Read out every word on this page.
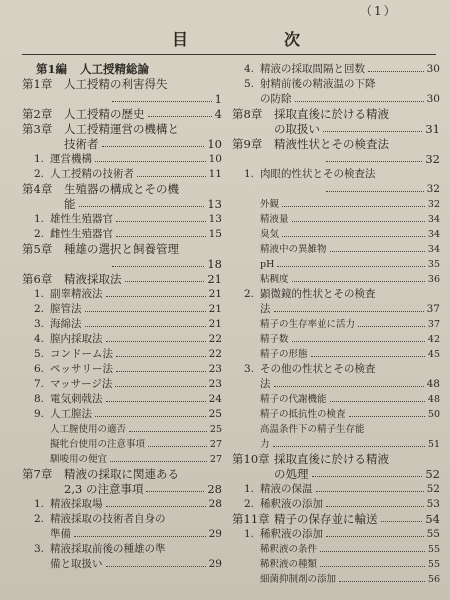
（1）
目　次
第1編 人工授精総論
第1章 人工授精の利害得失
1
第2章 人工授精の歴史	4
第3章 人工授精運営の機構と
技術者	10
1. 運営機構	10
2. 人工授精の技術者	11
第4章 生殖器の構成とその機
能	13
1. 雄性生殖器官	13
2. 雌性生殖器官	15
第5章 種雄の選択と飼養管理
18
第6章 精液採取法	21
1. 副睾精液法	21
2. 膣管法	21
3. 海綿法	21
4. 膣内採取法	22
5. コンドーム法	22
6. ペッサリー法	23
7. マッサージ法	23
8. 電気刺戟法	24
9. 人工膣法	25
人工膣使用の適否	25
擬牝台使用の注意事項	27
馴唆用の便宜	27
第7章 精液の採取に関連ある
2,3 の注意事項	28
1. 精液採取場	28
2. 精液採取の技術者自身の
準備	29
3. 精液採取前後の種雄の準
備と取扱い	29
4. 精液の採取間隔と回数	30
5. 射精前後の精液温の下降
の防除	30
第8章 採取直後に於ける精液
の取扱い	31
第9章 精液性状とその検査法
32
1. 肉眼的性状とその検査法
32
外観	32
精液量	34
臭気	34
精液中の異雑物	34
pH	35
粘稠度	36
2. 顕微鏡的性状とその検査
法	37
精子の生存率並に活力	37
精子数	42
精子の形態	45
3. その他の性状とその検査
法	48
精子の代謝機能	48
精子の抵抗性の検査	50
高温条件下の精子生存能
力	51
第10章 採取直後に於ける精液
の処理	52
1. 精液の保温	52
2. 稀釈液の添加	53
第11章 精子の保存並に輸送	54
1. 稀釈液の添加	55
稀釈液の条件	55
稀釈液の種類	55
細菌抑制剤の添加	56
